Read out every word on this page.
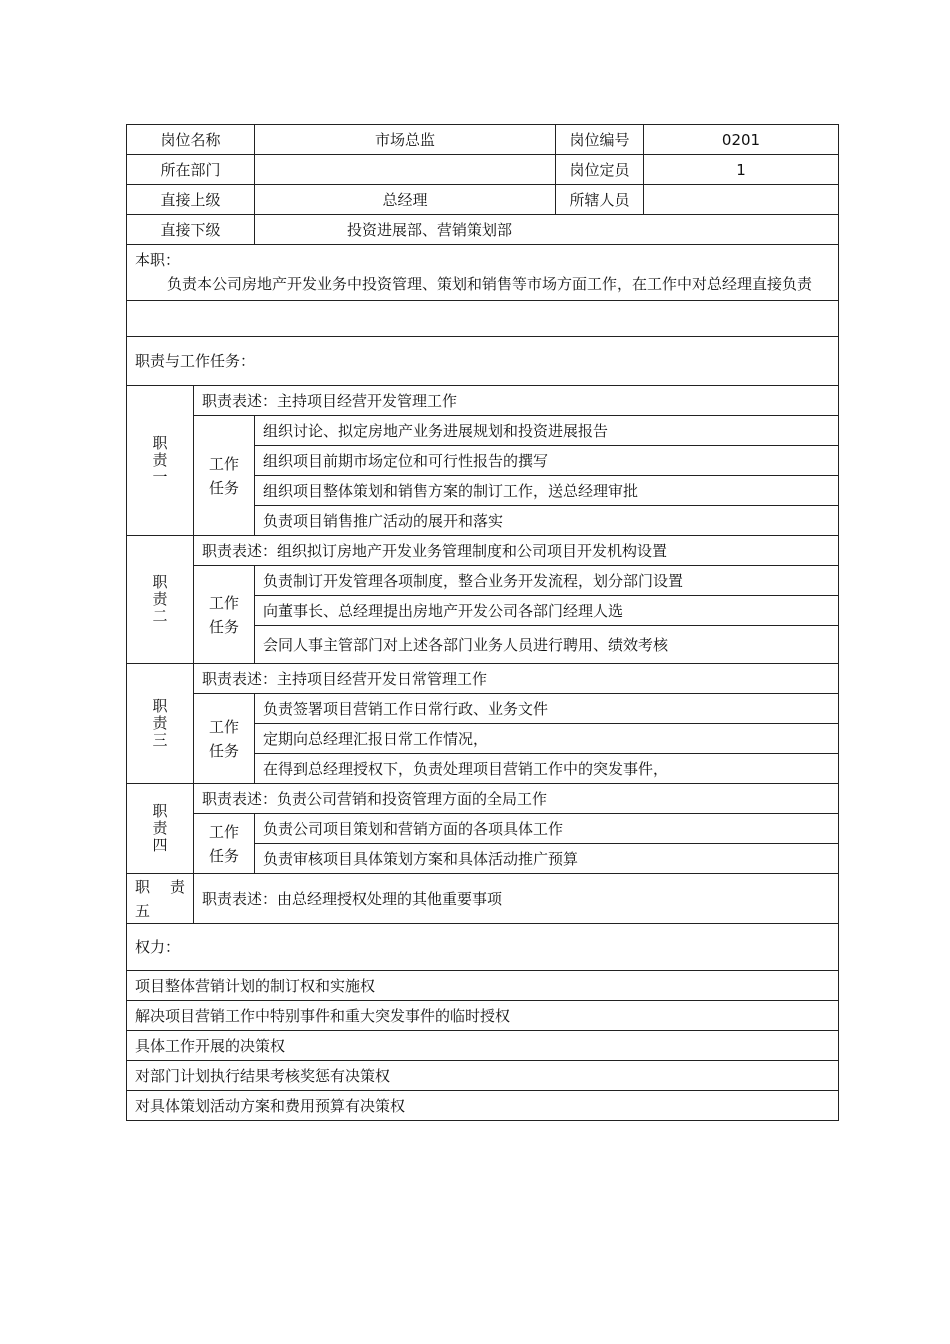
岗位名称		市场总监	岗位编号	0201
所在部门			岗位定员	1
直接上级		总经理	所辖人员	
直接下级		投资进展部、营销策划部		

本职：
负责本公司房地产开发业务中投资管理、策划和销售等市场方面工作，在工作中对总经理直接负责				

职责与工作任务：				
职责一	职责表述：主持项目经营开发管理工作			
	工作任务	组织讨论、拟定房地产业务进展规划和投资进展报告		
		组织项目前期市场定位和可行性报告的撰写		
		组织项目整体策划和销售方案的制订工作，送总经理审批		
		负责项目销售推广活动的展开和落实		
职责二	职责表述：组织拟订房地产开发业务管理制度和公司项目开发机构设置			
	工作任务	负责制订开发管理各项制度，整合业务开发流程，划分部门设置		
		向董事长、总经理提出房地产开发公司各部门经理人选		
		会同人事主管部门对上述各部门业务人员进行聘用、绩效考核		
职责三	职责表述：主持项目经营开发日常管理工作			
	工作任务	负责签署项目营销工作日常行政、业务文件		
		定期向总经理汇报日常工作情况，		
		在得到总经理授权下，负责处理项目营销工作中的突发事件，		
职责四	职责表述：负责公司营销和投资管理方面的全局工作			
	工作任务	负责公司项目策划和营销方面的各项具体工作		
		负责审核项目具体策划方案和具体活动推广预算		
职 责 五	职责表述：由总经理授权处理的其他重要事项			
权力：				
项目整体营销计划的制订权和实施权				
解决项目营销工作中特别事件和重大突发事件的临时授权				
具体工作开展的决策权				
对部门计划执行结果考核奖惩有决策权				
对具体策划活动方案和费用预算有决策权				
